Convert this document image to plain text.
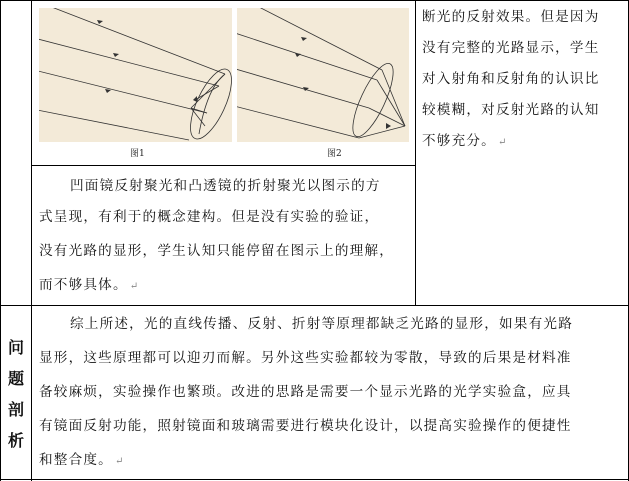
图1	图2
断光的反射效果。但是因为
没有完整的光路显示，学生
对入射角和反射角的认识比
较模糊，对反射光路的认知
不够充分。 ↵
凹面镜反射聚光和凸透镜的折射聚光以图示的方
式呈现，有利于的概念建构。但是没有实验的验证，
没有光路的显形，学生认知只能停留在图示上的理解，
而不够具体。 ↵
问
题
剖
析
综上所述，光的直线传播、反射、折射等原理都缺乏光路的显形，如果有光路
显形，这些原理都可以迎刃而解。另外这些实验都较为零散，导致的后果是材料准
备较麻烦，实验操作也繁琐。改进的思路是需要一个显示光路的光学实验盒，应具
有镜面反射功能，照射镜面和玻璃需要进行模块化设计，以提高实验操作的便捷性
和整合度。 ↵
